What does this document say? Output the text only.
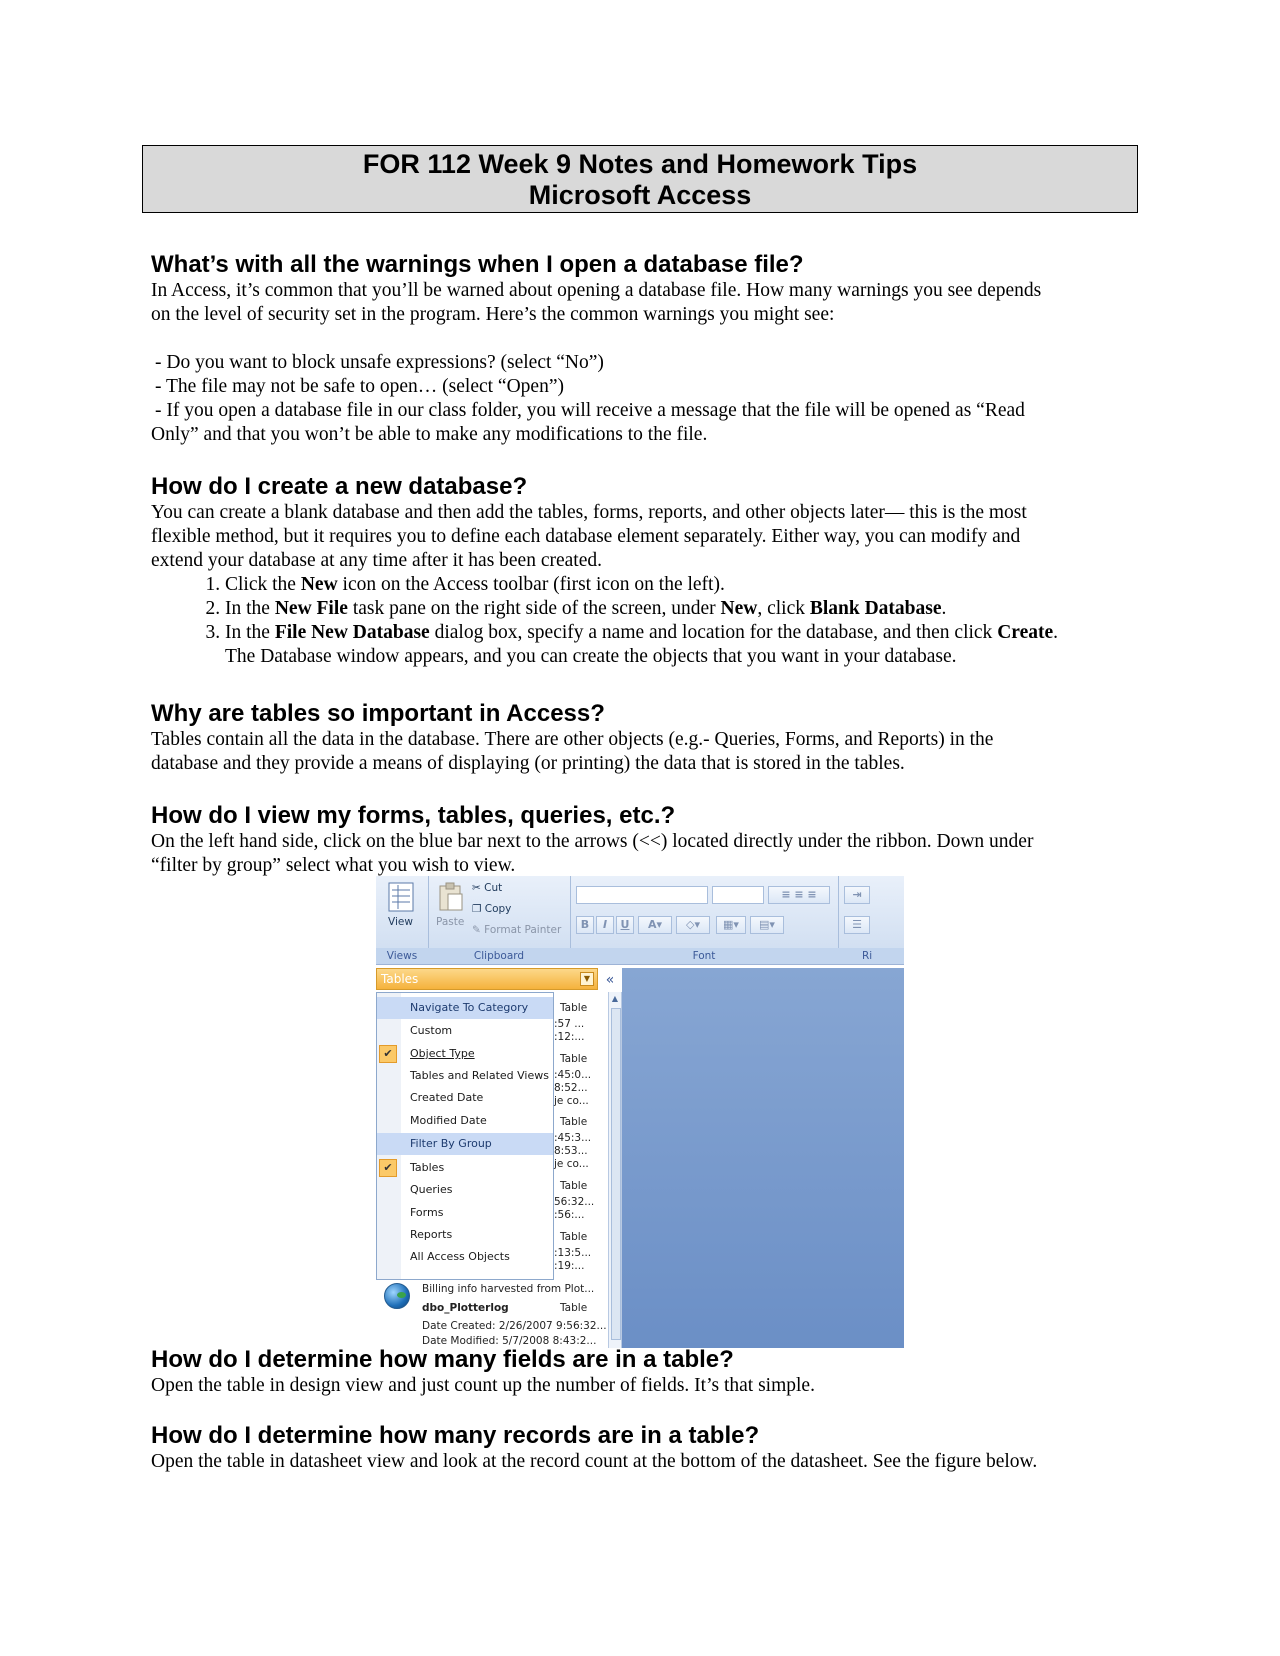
FOR 112 Week 9 Notes and Homework Tips
Microsoft Access
What’s with all the warnings when I open a database file?

In Access, it’s common that you’ll be warned about opening a database file. How many warnings you see depends

on the level of security set in the program. Here’s the common warnings you might see:

- Do you want to block unsafe expressions? (select “No”)
- The file may not be safe to open… (select “Open”)
- If you open a database file in our class folder, you will receive a message that the file will be opened as “Read
Only” and that you won’t be able to make any modifications to the file.
How do I create a new database?

You can create a blank database and then add the tables, forms, reports, and other objects later— this is the most

flexible method, but it requires you to define each database element separately. Either way, you can modify and

extend your database at any time after it has been created.

1. Click the New icon on the Access toolbar (first icon on the left).
2. In the New File task pane on the right side of the screen, under New, click Blank Database.
3. In the File New Database dialog box, specify a name and location for the database, and then click Create.
The Database window appears, and you can create the objects that you want in your database.
Why are tables so important in Access?

Tables contain all the data in the database. There are other objects (e.g.- Queries, Forms, and Reports) in the

database and they provide a means of displaying (or printing) the data that is stored in the tables.

How do I view my forms, tables, queries, etc.?

On the left hand side, click on the blue bar next to the arrows (<<) located directly under the ribbon. Down under

“filter by group” select what you wish to view.

View
Views
Paste
✂ Cut
❐ Copy
✎ Format Painter
Clipboard
≡ ≡ ≡
B	I	U	A▾	◇▾	▦▾	▤▾
Font
⇥
☰
Ri
Tables	▼	«
▲
Navigate To Category
Custom
✔	Object Type
Tables and Related Views
Created Date
Modified Date
Filter By Group
✔	Tables
Queries
Forms
Reports
All Access Objects
Billing info harvested from Plot...
dbo_Plotterlog	Table
Date Created: 2/26/2007 9:56:32...
Date Modified: 5/7/2008 8:43:2...
Table
:57 ...
:12:...
Table
:45:0...
8:52...
je co...
Table
:45:3...
8:53...
je co...
Table
56:32...
:56:...
Table
:13:5...
:19:...
How do I determine how many fields are in a table?

Open the table in design view and just count up the number of fields. It’s that simple.

How do I determine how many records are in a table?

Open the table in datasheet view and look at the record count at the bottom of the datasheet. See the figure below.
